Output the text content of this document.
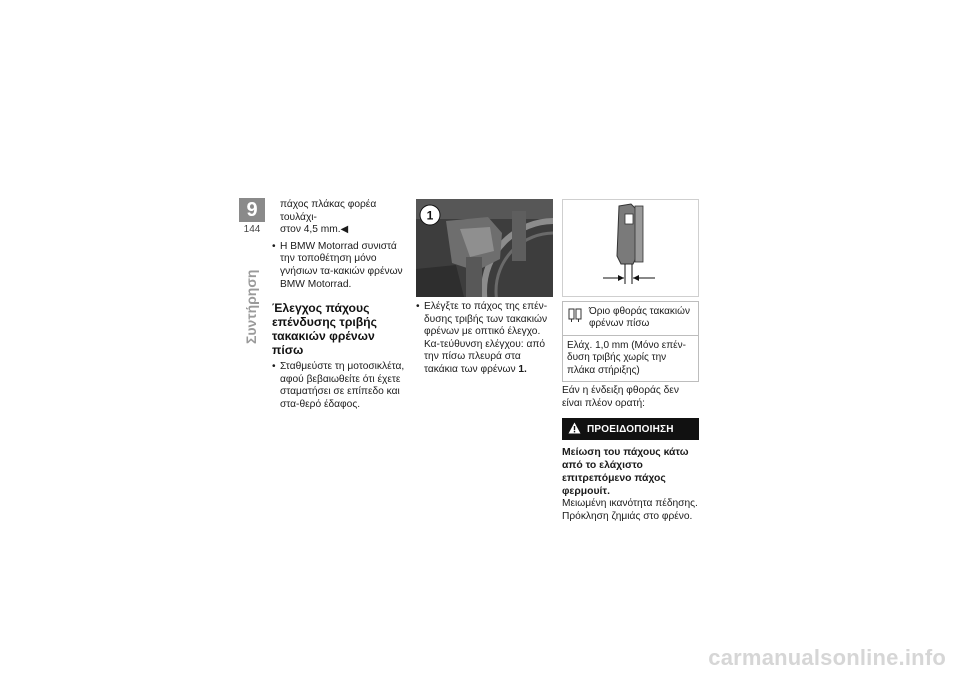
9
144
Συντήρηση

πάχος πλάκας φορέα τουλάχι-

στον 4,5 mm.◀

• Η BMW Motorrad συνιστά την τοποθέτηση μόνο γνήσιων τα-κακιών φρένων BMW Motorrad.

Έλεγχος πάχους επένδυσης τριβής τακακιών φρένων πίσω

• Σταθμεύστε τη μοτοσικλέτα, αφού βεβαιωθείτε ότι έχετε σταματήσει σε επίπεδο και στα-θερό έδαφος.

1

• Ελέγξτε το πάχος της επέν-δυσης τριβής των τακακιών φρένων με οπτικό έλεγχο. Κα-τεύθυνση ελέγχου: από την πίσω πλευρά στα τακάκια των φρένων 1.

Όριο φθοράς τακακιών φρένων πίσω
Ελάχ. 1,0 mm (Μόνο επέν-δυση τριβής χωρίς την πλάκα στήριξης)

Εάν η ένδειξη φθοράς δεν είναι πλέον ορατή:

ΠΡΟΕΙΔΟΠΟΙΗΣΗ

Μείωση του πάχους κάτω από το ελάχιστο επιτρεπόμενο πάχος φερμουίτ.

Μειωμένη ικανότητα πέδησης. Πρόκληση ζημιάς στο φρένο.

carmanualsonline.info
